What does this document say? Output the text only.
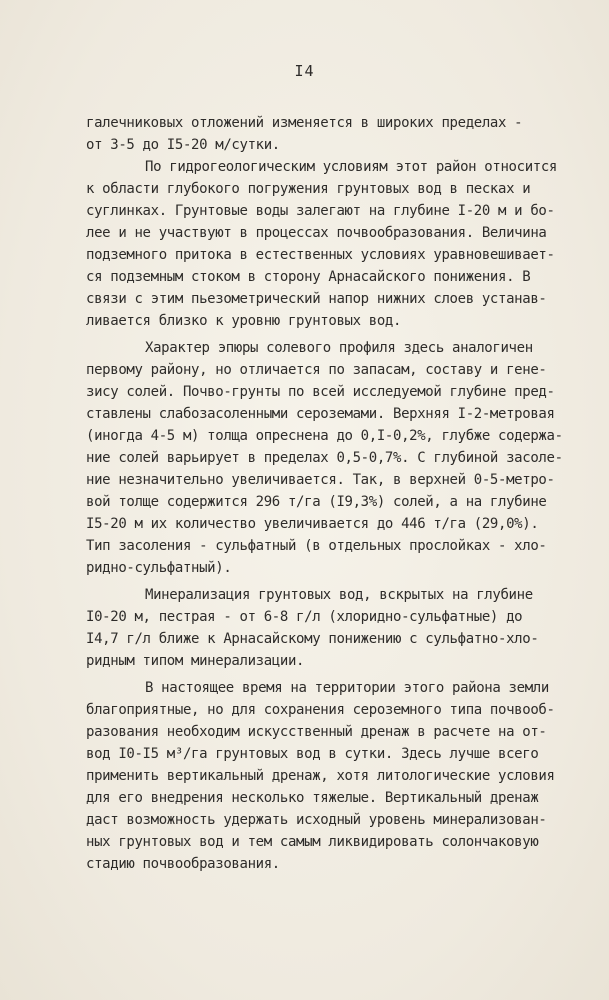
I4
галечниковых отложений изменяется в широких пределах -
от 3-5 до I5-20 м/сутки.
По гидрогеологическим условиям этот район относится
к области глубокого погружения грунтовых вод в песках и
суглинках. Грунтовые воды залегают на глубине I-20 м и бо-
лее и не участвуют в процессах почвообразования. Величина
подземного притока в естественных условиях уравновешивает-
ся подземным стоком в сторону Арнасайского понижения. В
связи с этим пьезометрический напор нижних слоев устанав-
ливается близко к уровню грунтовых вод.
Характер эпюры солевого профиля здесь аналогичен
первому району, но отличается по запасам, составу и гене-
зису солей. Почво-грунты по всей исследуемой глубине пред-
ставлены слабозасоленными сероземами. Верхняя I-2-метровая
(иногда 4-5 м) толща опреснена до 0,I-0,2%, глубже содержа-
ние солей варьирует в пределах 0,5-0,7%. С глубиной засоле-
ние незначительно увеличивается. Так, в верхней 0-5-метро-
вой толще содержится 296 т/га (I9,3%) солей, а на глубине
I5-20 м их количество увеличивается до 446 т/га (29,0%).
Тип засоления - сульфатный (в отдельных прослойках - хло-
ридно-сульфатный).
Минерализация грунтовых вод, вскрытых на глубине
I0-20 м, пестрая - от 6-8 г/л (хлоридно-сульфатные) до
I4,7 г/л ближе к Арнасайскому понижению с сульфатно-хло-
ридным типом минерализации.
В настоящее время на территории этого района земли
благоприятные, но для сохранения сероземного типа почвооб-
разования необходим искусственный дренаж в расчете на от-
вод I0-I5 м³/га грунтовых вод в сутки. Здесь лучше всего
применить вертикальный дренаж, хотя литологические условия
для его внедрения несколько тяжелые. Вертикальный дренаж
даст возможность удержать исходный уровень минерализован-
ных грунтовых вод и тем самым ликвидировать солончаковую
стадию почвообразования.
